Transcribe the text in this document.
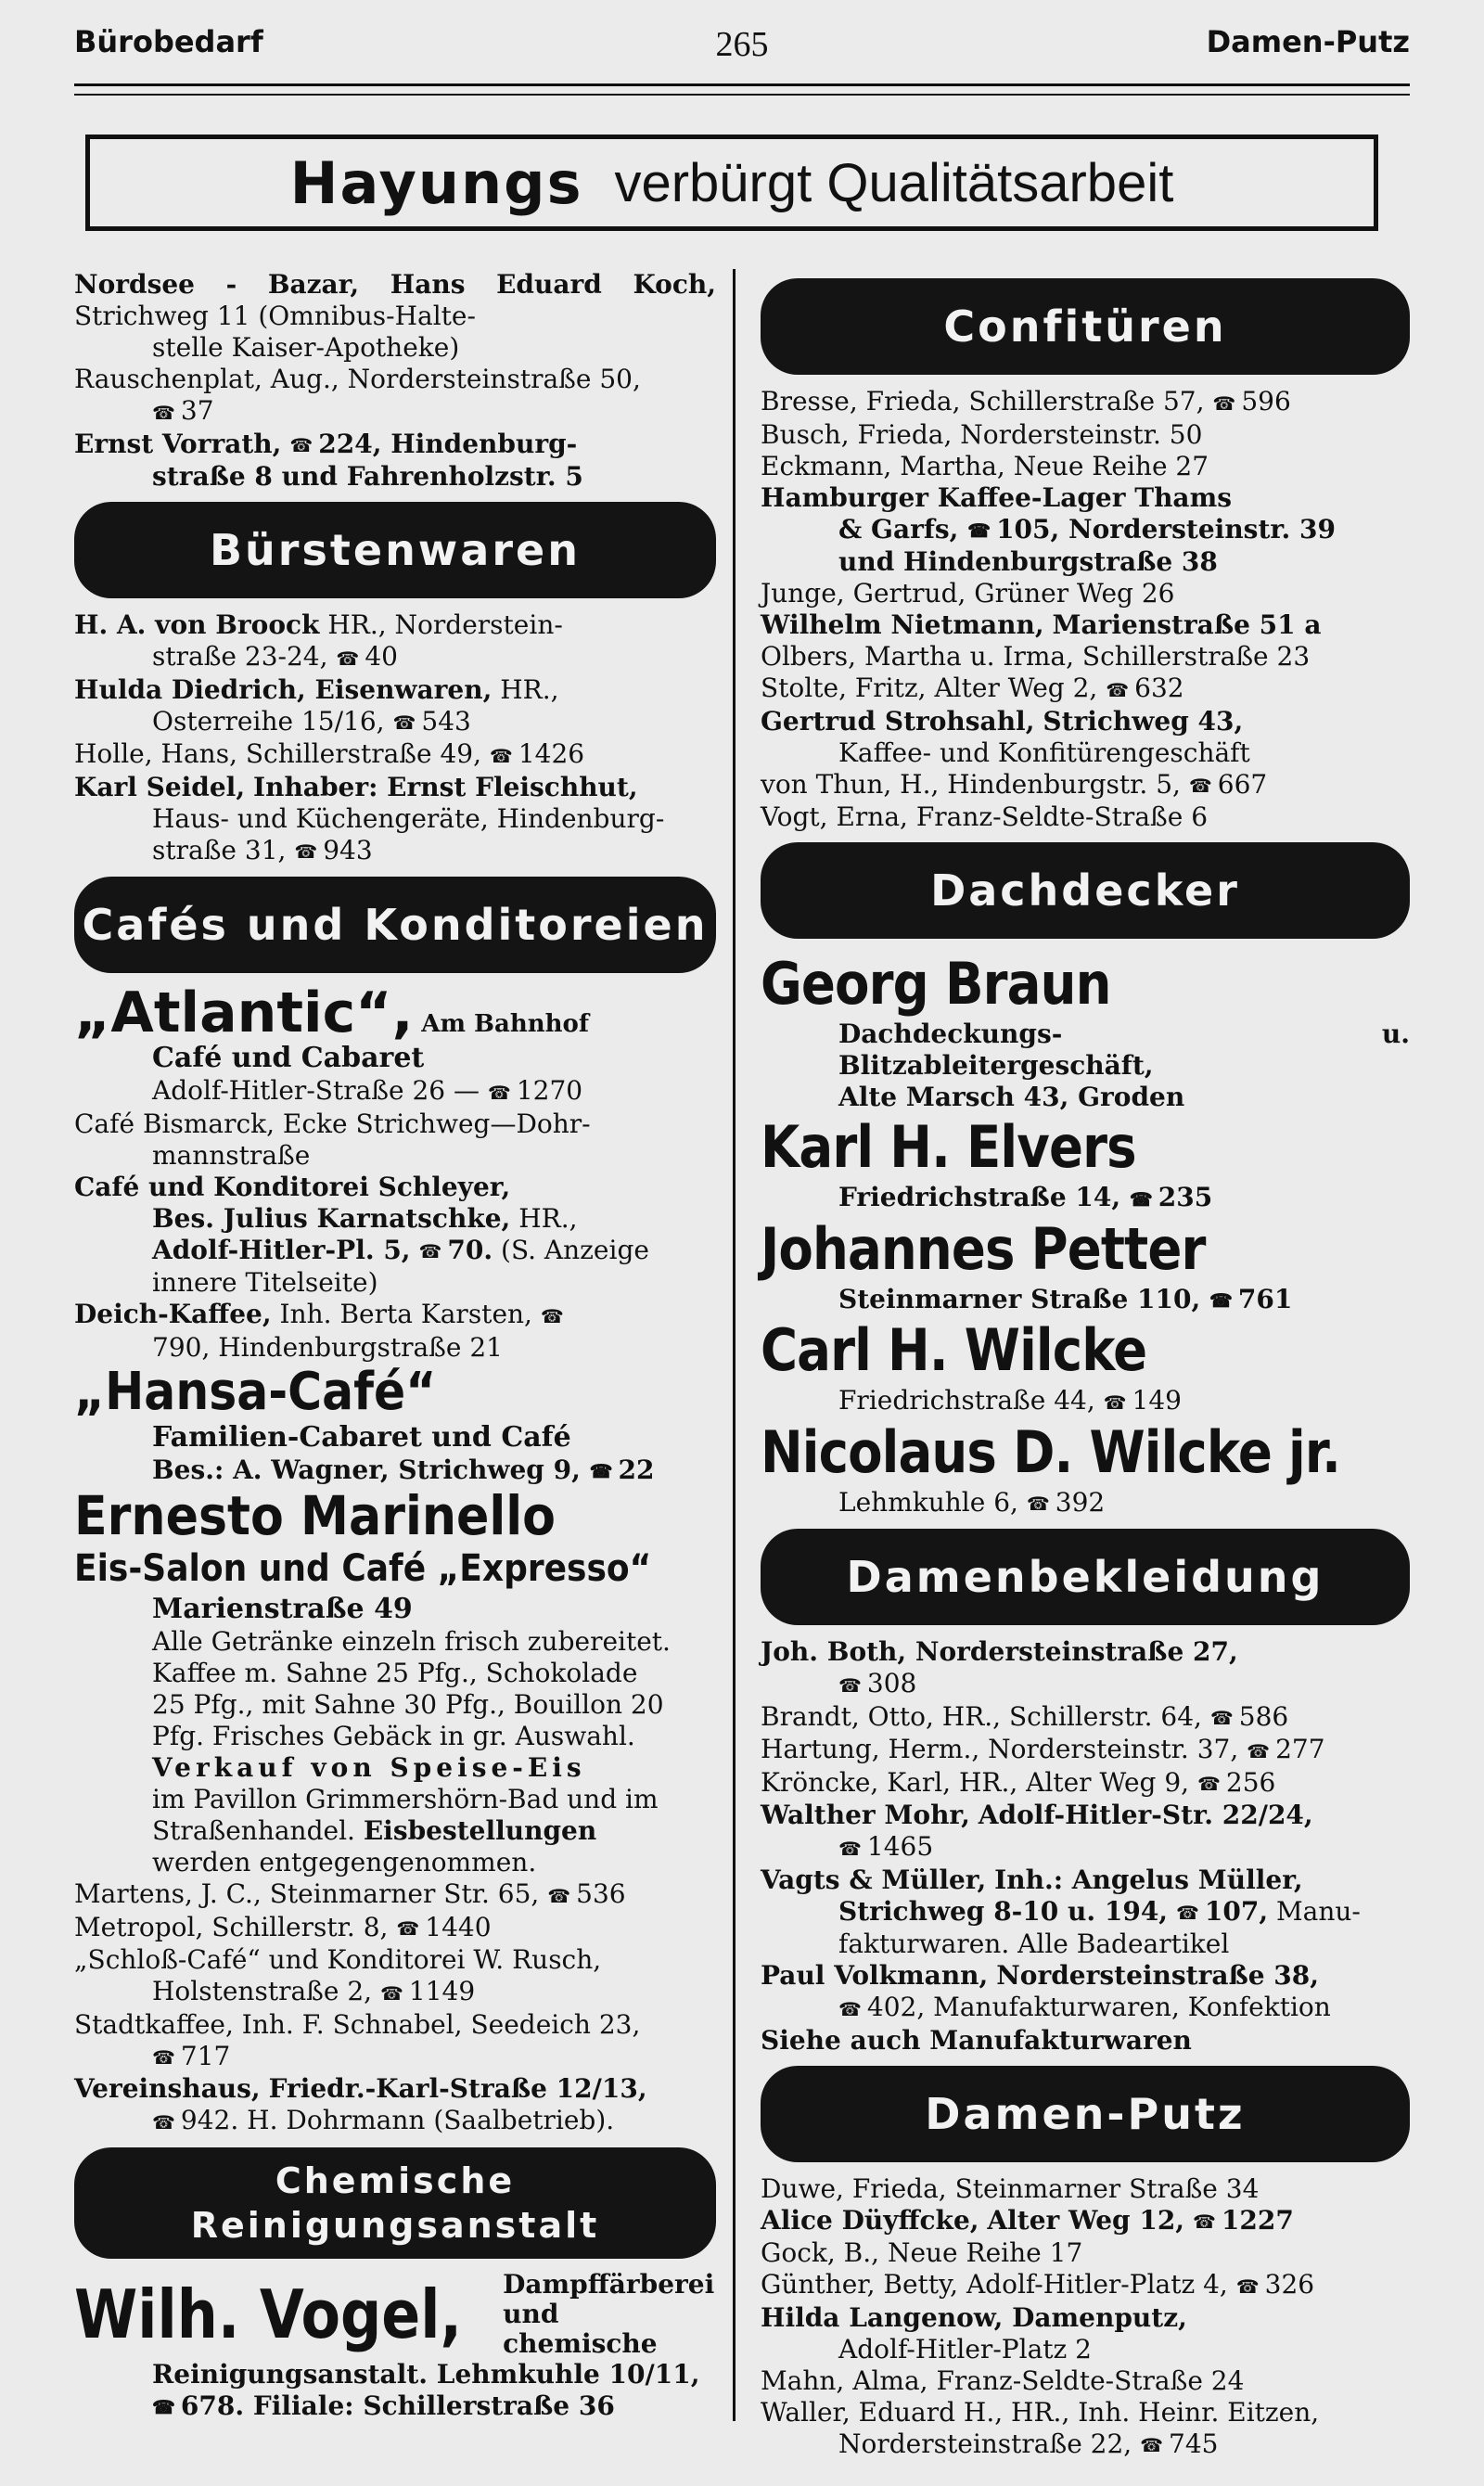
Bürobedarf	265	Damen-Putz
Hayungs verbürgt Qualitätsarbeit
Nordsee - Bazar, Hans Eduard Koch, Strichweg 11 (Omnibus-Halte-
stelle Kaiser-Apotheke)
Rauschenplat, Aug., Nordersteinstraße 50,
☎ 37
Ernst Vorrath, ☎ 224, Hindenburg-
straße 8 und Fahrenholzstr. 5
Bürstenwaren
H. A. von Broock HR., Norderstein-
straße 23-24, ☎ 40
Hulda Diedrich, Eisenwaren, HR.,
Osterreihe 15/16, ☎ 543
Holle, Hans, Schillerstraße 49, ☎ 1426
Karl Seidel, Inhaber: Ernst Fleischhut,
Haus- und Küchengeräte, Hindenburg-
straße 31, ☎ 943
Cafés und Konditoreien
„Atlantic“, Am Bahnhof
Café und Cabaret
Adolf-Hitler-Straße 26 — ☎ 1270
Café Bismarck, Ecke Strichweg—Dohr-
mannstraße
Café und Konditorei Schleyer,
Bes. Julius Karnatschke, HR.,
Adolf-Hitler-Pl. 5, ☎ 70. (S. Anzeige
innere Titelseite)
Deich-Kaffee, Inh. Berta Karsten, ☎
790, Hindenburgstraße 21
„Hansa-Café“
Familien-Cabaret und Café
Bes.: A. Wagner, Strichweg 9, ☎ 22
Ernesto Marinello
Eis-Salon und Café „Expresso“
Marienstraße 49
Alle Getränke einzeln frisch zubereitet.
Kaffee m. Sahne 25 Pfg., Schokolade
25 Pfg., mit Sahne 30 Pfg., Bouillon 20
Pfg. Frisches Gebäck in gr. Auswahl.
Verkauf von Speise-Eis
im Pavillon Grimmershörn-Bad und im
Straßenhandel. Eisbestellungen
werden entgegengenommen.
Martens, J. C., Steinmarner Str. 65, ☎ 536
Metropol, Schillerstr. 8, ☎ 1440
„Schloß-Café“ und Konditorei W. Rusch,
Holstenstraße 2, ☎ 1149
Stadtkaffee, Inh. F. Schnabel, Seedeich 23,
☎ 717
Vereinshaus, Friedr.-Karl-Straße 12/13,
☎ 942. H. Dohrmann (Saalbetrieb).
Chemische
Reinigungsanstalt
Wilh. Vogel, Dampffärberei
und chemische
Reinigungsanstalt. Lehmkuhle 10/11,
☎ 678. Filiale: Schillerstraße 36
Confitüren
Bresse, Frieda, Schillerstraße 57, ☎ 596
Busch, Frieda, Nordersteinstr. 50
Eckmann, Martha, Neue Reihe 27
Hamburger Kaffee-Lager Thams
& Garfs, ☎ 105, Nordersteinstr. 39
und Hindenburgstraße 38
Junge, Gertrud, Grüner Weg 26
Wilhelm Nietmann, Marienstraße 51 a
Olbers, Martha u. Irma, Schillerstraße 23
Stolte, Fritz, Alter Weg 2, ☎ 632
Gertrud Strohsahl, Strichweg 43,
Kaffee- und Konfitürengeschäft
von Thun, H., Hindenburgstr. 5, ☎ 667
Vogt, Erna, Franz-Seldte-Straße 6
Dachdecker
Georg Braun
Dachdeckungs- u. Blitzableitergeschäft,
Alte Marsch 43, Groden
Karl H. Elvers
Friedrichstraße 14, ☎ 235
Johannes Petter
Steinmarner Straße 110, ☎ 761
Carl H. Wilcke
Friedrichstraße 44, ☎ 149
Nicolaus D. Wilcke jr.
Lehmkuhle 6, ☎ 392
Damenbekleidung
Joh. Both, Nordersteinstraße 27,
☎ 308
Brandt, Otto, HR., Schillerstr. 64, ☎ 586
Hartung, Herm., Nordersteinstr. 37, ☎ 277
Kröncke, Karl, HR., Alter Weg 9, ☎ 256
Walther Mohr, Adolf-Hitler-Str. 22/24,
☎ 1465
Vagts & Müller, Inh.: Angelus Müller,
Strichweg 8-10 u. 194, ☎ 107, Manu-
fakturwaren. Alle Badeartikel
Paul Volkmann, Nordersteinstraße 38,
☎ 402, Manufakturwaren, Konfektion
Siehe auch Manufakturwaren
Damen-Putz
Duwe, Frieda, Steinmarner Straße 34
Alice Düyffcke, Alter Weg 12, ☎ 1227
Gock, B., Neue Reihe 17
Günther, Betty, Adolf-Hitler-Platz 4, ☎ 326
Hilda Langenow, Damenputz,
Adolf-Hitler-Platz 2
Mahn, Alma, Franz-Seldte-Straße 24
Waller, Eduard H., HR., Inh. Heinr. Eitzen,
Nordersteinstraße 22, ☎ 745
